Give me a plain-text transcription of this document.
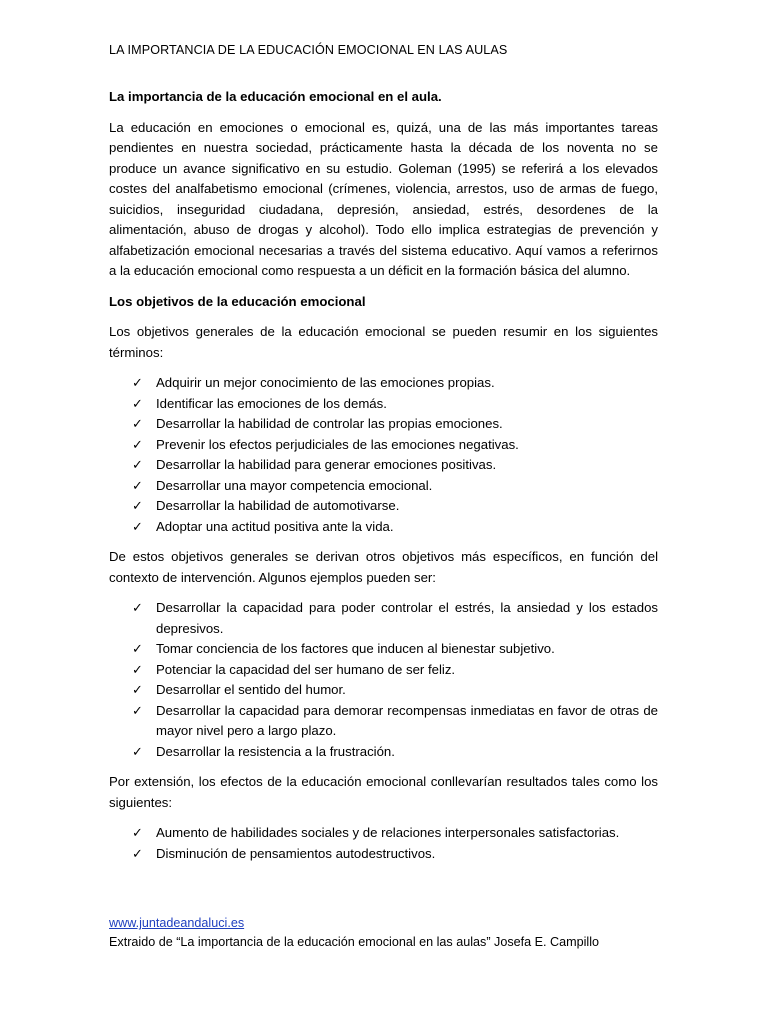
LA IMPORTANCIA DE LA EDUCACIÓN EMOCIONAL EN LAS AULAS
La importancia de la educación emocional en el aula.
La educación en emociones o emocional es, quizá, una de las más importantes tareas pendientes en nuestra sociedad, prácticamente hasta la década de los noventa no se produce un avance significativo en su estudio. Goleman (1995) se referirá a los elevados costes del analfabetismo emocional (crímenes, violencia, arrestos, uso de armas de fuego, suicidios, inseguridad ciudadana, depresión, ansiedad, estrés, desordenes de la alimentación, abuso de drogas y alcohol). Todo ello implica estrategias de prevención y alfabetización emocional necesarias a través del sistema educativo. Aquí vamos a referirnos a la educación emocional como respuesta a un déficit en la formación básica del alumno.
Los objetivos de la educación emocional
Los objetivos generales de la educación emocional se pueden resumir en los siguientes términos:
✓ Adquirir un mejor conocimiento de las emociones propias.
✓ Identificar las emociones de los demás.
✓ Desarrollar la habilidad de controlar las propias emociones.
✓ Prevenir los efectos perjudiciales de las emociones negativas.
✓ Desarrollar la habilidad para generar emociones positivas.
✓ Desarrollar una mayor competencia emocional.
✓ Desarrollar la habilidad de automotivarse.
✓ Adoptar una actitud positiva ante la vida.
De estos objetivos generales se derivan otros objetivos más específicos, en función del contexto de intervención. Algunos ejemplos pueden ser:
✓ Desarrollar la capacidad para poder controlar el estrés, la ansiedad y los estados depresivos.
✓ Tomar conciencia de los factores que inducen al bienestar subjetivo.
✓ Potenciar la capacidad del ser humano de ser feliz.
✓ Desarrollar el sentido del humor.
✓ Desarrollar la capacidad para demorar recompensas inmediatas en favor de otras de mayor nivel pero a largo plazo.
✓ Desarrollar la resistencia a la frustración.
Por extensión, los efectos de la educación emocional conllevarían resultados tales como los siguientes:
✓ Aumento de habilidades sociales y de relaciones interpersonales satisfactorias.
✓ Disminución de pensamientos autodestructivos.
www.juntadeandaluci.es
Extraido de “La importancia de la educación emocional en las aulas” Josefa E. Campillo
